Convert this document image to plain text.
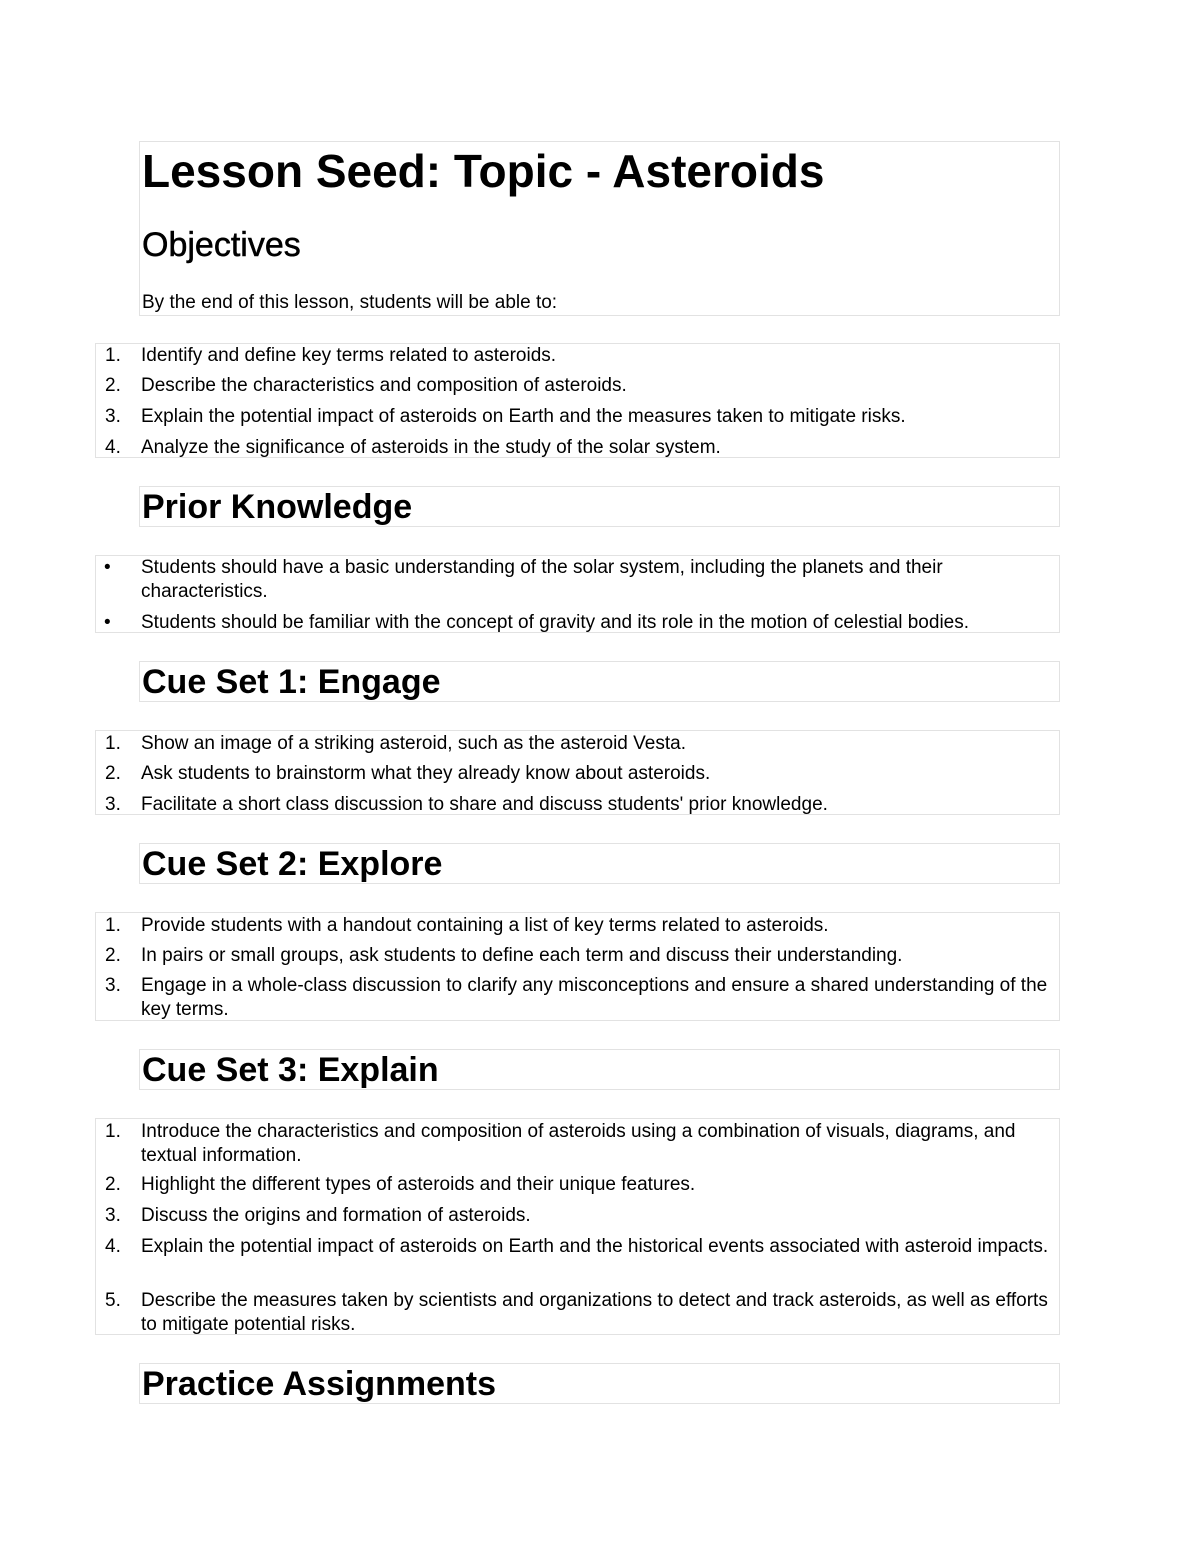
Lesson Seed: Topic - Asteroids
Objectives

By the end of this lesson, students will be able to:

1.	Identify and define key terms related to asteroids.
2.	Describe the characteristics and composition of asteroids.
3.	Explain the potential impact of asteroids on Earth and the measures taken to mitigate risks.
4.	Analyze the significance of asteroids in the study of the solar system.
Prior Knowledge
• Students should have a basic understanding of the solar system, including the planets and their characteristics.
• Students should be familiar with the concept of gravity and its role in the motion of celestial bodies.
Cue Set 1: Engage
1.	Show an image of a striking asteroid, such as the asteroid Vesta.
2.	Ask students to brainstorm what they already know about asteroids.
3.	Facilitate a short class discussion to share and discuss students' prior knowledge.
Cue Set 2: Explore
1.	Provide students with a handout containing a list of key terms related to asteroids.
2.	In pairs or small groups, ask students to define each term and discuss their understanding.
3.	Engage in a whole-class discussion to clarify any misconceptions and ensure a shared understanding of the key terms.
Cue Set 3: Explain
1.	Introduce the characteristics and composition of asteroids using a combination of visuals, diagrams, and textual information.
2.	Highlight the different types of asteroids and their unique features.
3.	Discuss the origins and formation of asteroids.
4.	Explain the potential impact of asteroids on Earth and the historical events associated with asteroid impacts.
5.	Describe the measures taken by scientists and organizations to detect and track asteroids, as well as efforts to mitigate potential risks.
Practice Assignments
